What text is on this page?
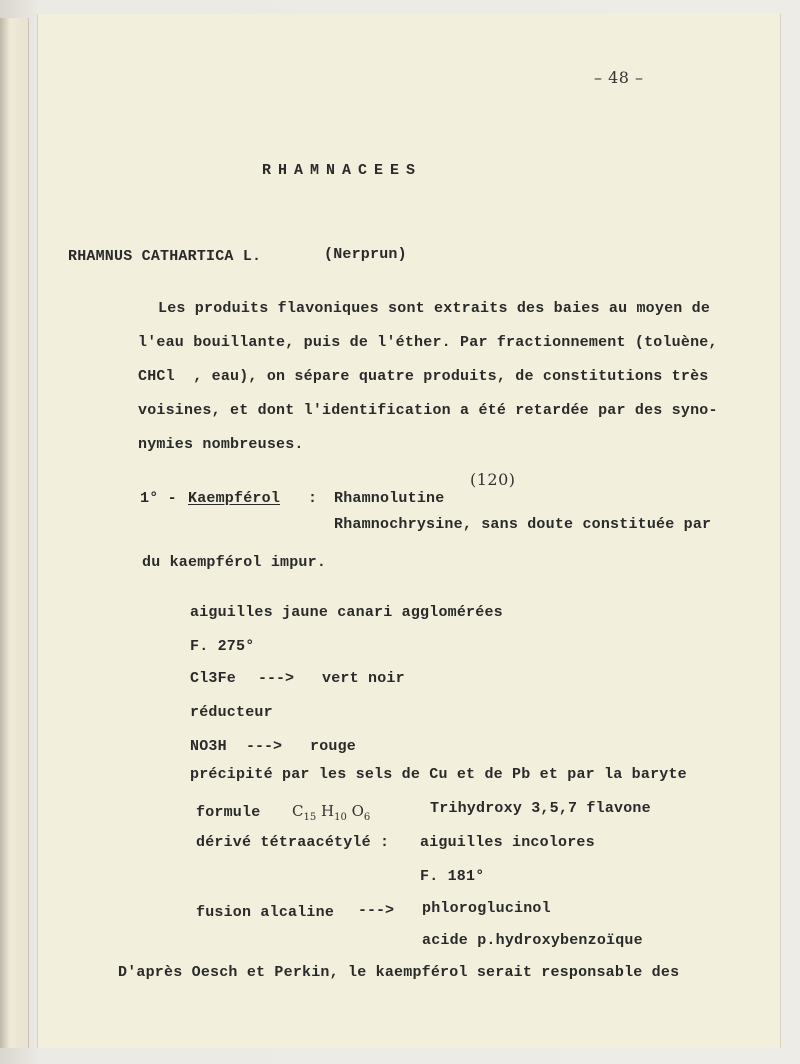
– 48 –
RHAMNACEES
RHAMNUS CATHARTICA L.	(Nerprun)
Les produits flavoniques sont extraits des baies au moyen de
l'eau bouillante, puis de l'éther. Par fractionnement (toluène,
CHCl  , eau), on sépare quatre produits, de constitutions très
voisines, et dont l'identification a été retardée par des syno-
nymies nombreuses.
1° - Kaempférol : Rhamnolutine
(120)
Rhamnochrysine, sans doute constituée par
du kaempférol impur.
aiguilles jaune canari agglomérées
F. 275°
Cl3Fe ---> vert noir
réducteur
NO3H ---> rouge
précipité par les sels de Cu et de Pb et par la baryte
formule $C_{15}$ $H_{10}$ $O_6$
Trihydroxy 3,5,7 flavone
dérivé tétraacétylé : aiguilles incolores
F. 181°
fusion alcaline ---> phloroglucinol
acide p.hydroxybenzoïque
D'après Oesch et Perkin, le kaempférol serait responsable des
